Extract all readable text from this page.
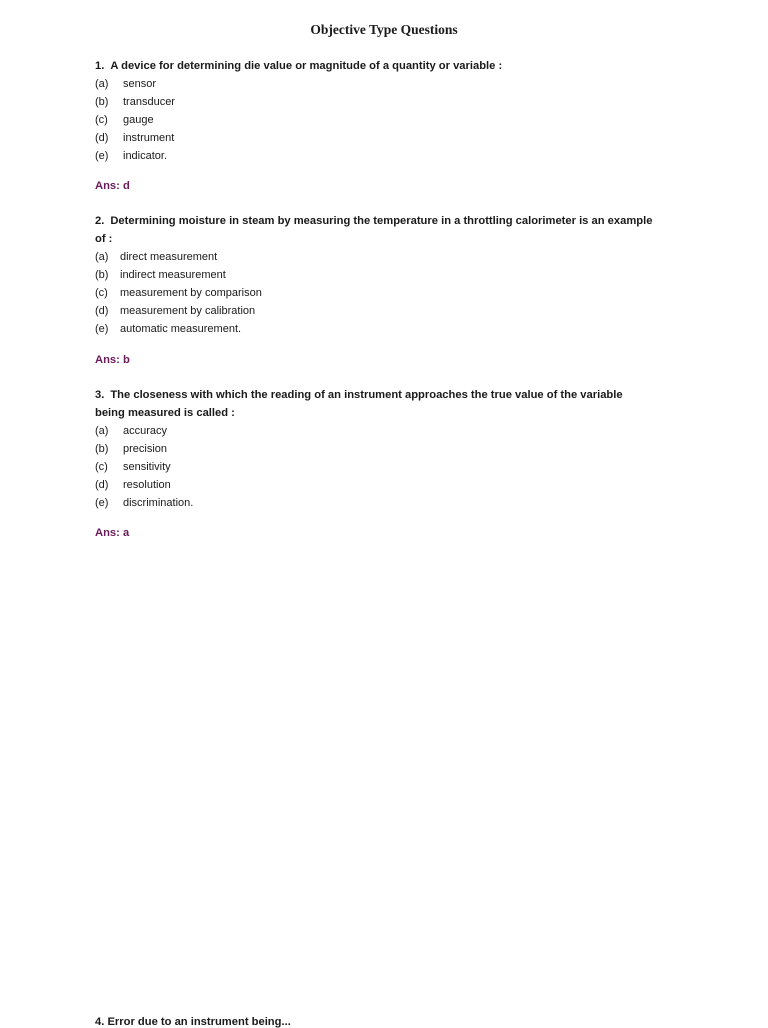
Objective Type Questions
1. A device for determining die value or magnitude of a quantity or variable :
(a) sensor
(b) transducer
(c) gauge
(d) instrument
(e) indicator.
Ans: d
2. Determining moisture in steam by measuring the temperature in a throttling calorimeter is an example of :
(a) direct measurement
(b) indirect measurement
(c) measurement by comparison
(d) measurement by calibration
(e) automatic measurement.
Ans: b
3. The closeness with which the reading of an instrument approaches the true value of the variable being measured is called :
(a) accuracy
(b) precision
(c) sensitivity
(d) resolution
(e) discrimination.
Ans: a
4. Error due to an instrument being...
